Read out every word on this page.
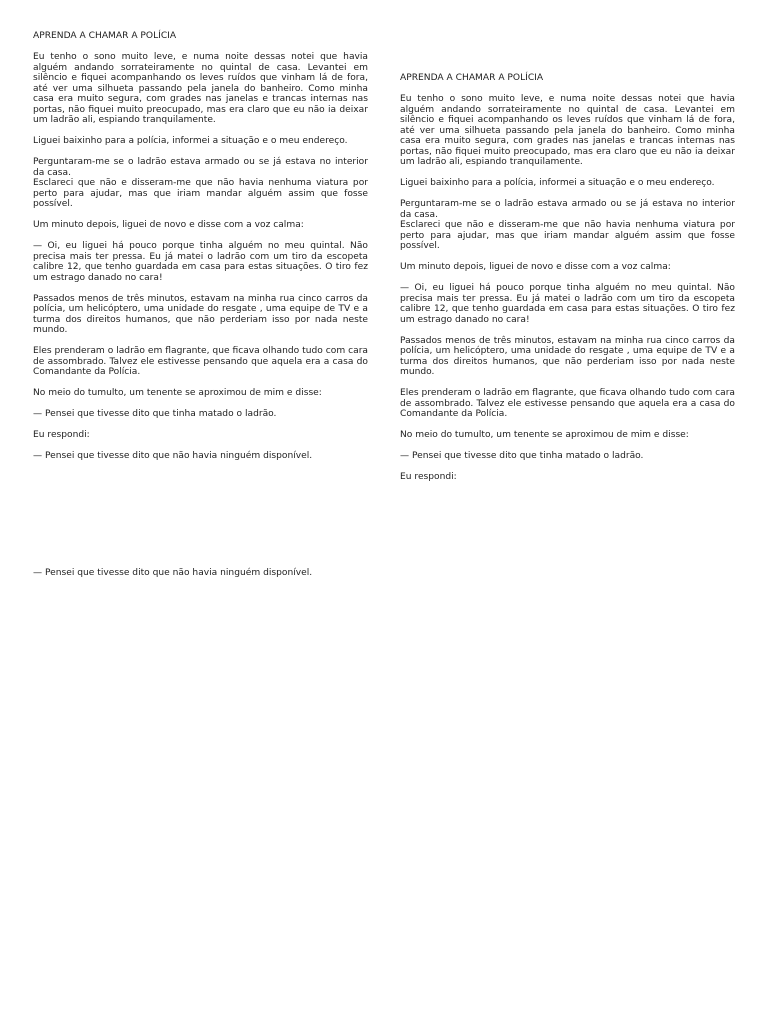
APRENDA A CHAMAR A POLÍCIA

Eu tenho o sono muito leve, e numa noite dessas notei que havia alguém andando sorrateiramente no quintal de casa. Levantei em silêncio e fiquei acompanhando os leves ruídos que vinham lá de fora, até ver uma silhueta passando pela janela do banheiro. Como minha casa era muito segura, com grades nas janelas e trancas internas nas portas, não fiquei muito preocupado, mas era claro que eu não ia deixar um ladrão ali, espiando tranquilamente.

Liguei baixinho para a polícia, informei a situação e o meu endereço.

Perguntaram-me se o ladrão estava armado ou se já estava no interior da casa.

Esclareci que não e disseram-me que não havia nenhuma viatura por perto para ajudar, mas que iriam mandar alguém assim que fosse possível.

Um minuto depois, liguei de novo e disse com a voz calma:

— Oi, eu liguei há pouco porque tinha alguém no meu quintal. Não precisa mais ter pressa. Eu já matei o ladrão com um tiro da escopeta calibre 12, que tenho guardada em casa para estas situações. O tiro fez um estrago danado no cara!

Passados menos de três minutos, estavam na minha rua cinco carros da polícia, um helicóptero, uma unidade do resgate , uma equipe de TV e a turma dos direitos humanos, que não perderiam isso por nada neste mundo.

Eles prenderam o ladrão em flagrante, que ficava olhando tudo com cara de assombrado. Talvez ele estivesse pensando que aquela era a casa do Comandante da Polícia.

No meio do tumulto, um tenente se aproximou de mim e disse:

— Pensei que tivesse dito que tinha matado o ladrão.

Eu respondi:

— Pensei que tivesse dito que não havia ninguém disponível.

— Pensei que tivesse dito que não havia ninguém disponível.

APRENDA A CHAMAR A POLÍCIA

Eu tenho o sono muito leve, e numa noite dessas notei que havia alguém andando sorrateiramente no quintal de casa. Levantei em silêncio e fiquei acompanhando os leves ruídos que vinham lá de fora, até ver uma silhueta passando pela janela do banheiro. Como minha casa era muito segura, com grades nas janelas e trancas internas nas portas, não fiquei muito preocupado, mas era claro que eu não ia deixar um ladrão ali, espiando tranquilamente.

Liguei baixinho para a polícia, informei a situação e o meu endereço.

Perguntaram-me se o ladrão estava armado ou se já estava no interior da casa.

Esclareci que não e disseram-me que não havia nenhuma viatura por perto para ajudar, mas que iriam mandar alguém assim que fosse possível.

Um minuto depois, liguei de novo e disse com a voz calma:

— Oi, eu liguei há pouco porque tinha alguém no meu quintal. Não precisa mais ter pressa. Eu já matei o ladrão com um tiro da escopeta calibre 12, que tenho guardada em casa para estas situações. O tiro fez um estrago danado no cara!

Passados menos de três minutos, estavam na minha rua cinco carros da polícia, um helicóptero, uma unidade do resgate , uma equipe de TV e a turma dos direitos humanos, que não perderiam isso por nada neste mundo.

Eles prenderam o ladrão em flagrante, que ficava olhando tudo com cara de assombrado. Talvez ele estivesse pensando que aquela era a casa do Comandante da Polícia.

No meio do tumulto, um tenente se aproximou de mim e disse:

— Pensei que tivesse dito que tinha matado o ladrão.

Eu respondi:
